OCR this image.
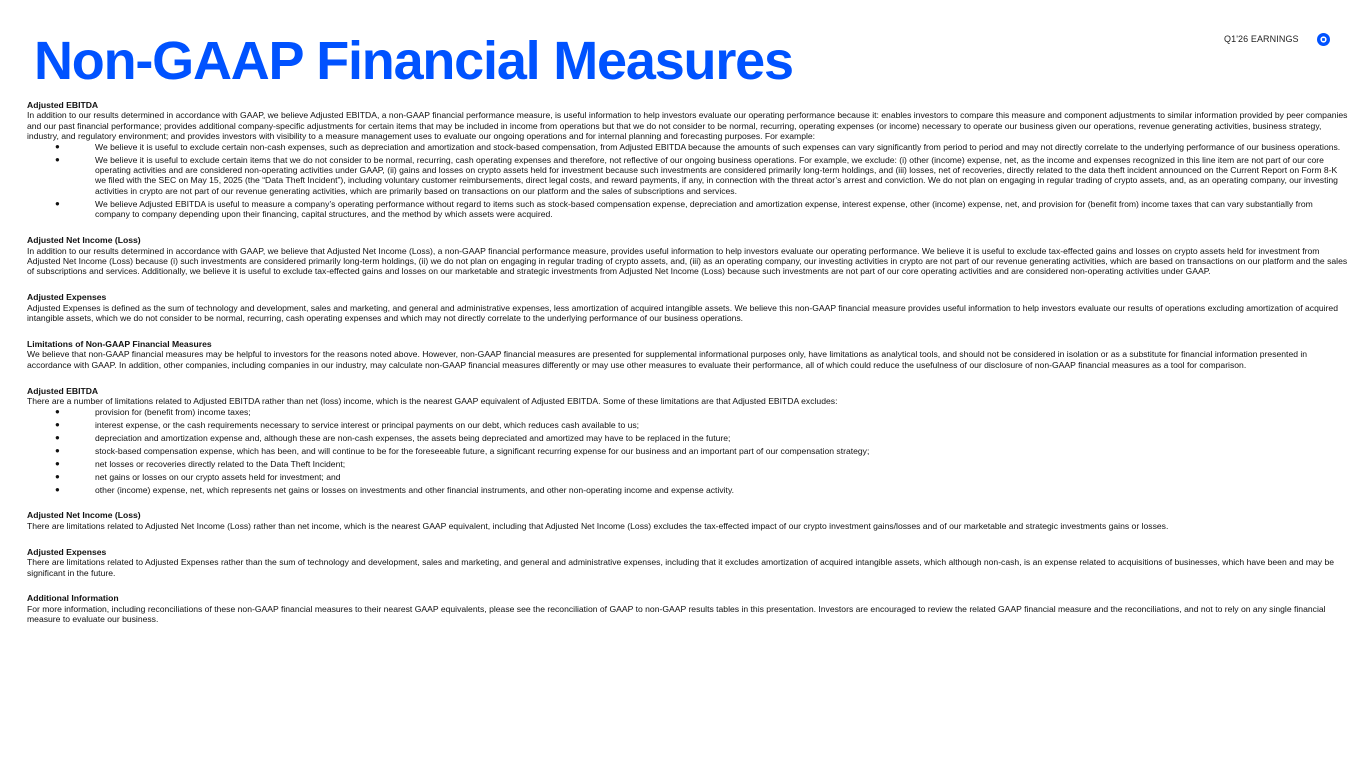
Non-GAAP Financial Measures	Q1'26 EARNINGS
Adjusted EBITDA

In addition to our results determined in accordance with GAAP, we believe Adjusted EBITDA, a non-GAAP financial performance measure, is useful information to help investors evaluate our operating performance because it: enables investors to compare this measure and component adjustments to similar information provided by peer companies and our past financial performance; provides additional company-specific adjustments for certain items that may be included in income from operations but that we do not consider to be normal, recurring, operating expenses (or income) necessary to operate our business given our operations, revenue generating activities, business strategy, industry, and regulatory environment; and provides investors with visibility to a measure management uses to evaluate our ongoing operations and for internal planning and forecasting purposes. For example:

●	We believe it is useful to exclude certain non-cash expenses, such as depreciation and amortization and stock-based compensation, from Adjusted EBITDA because the amounts of such expenses can vary significantly from period to period and may not directly correlate to the underlying performance of our business operations.
●	We believe it is useful to exclude certain items that we do not consider to be normal, recurring, cash operating expenses and therefore, not reflective of our ongoing business operations. For example, we exclude: (i) other (income) expense, net, as the income and expenses recognized in this line item are not part of our core operating activities and are considered non-operating activities under GAAP, (ii) gains and losses on crypto assets held for investment because such investments are considered primarily long-term holdings, and (iii) losses, net of recoveries, directly related to the data theft incident announced on the Current Report on Form 8-K we filed with the SEC on May 15, 2025 (the “Data Theft Incident”), including voluntary customer reimbursements, direct legal costs, and reward payments, if any, in connection with the threat actor’s arrest and conviction. We do not plan on engaging in regular trading of crypto assets, and, as an operating company, our investing activities in crypto are not part of our revenue generating activities, which are primarily based on transactions on our platform and the sales of subscriptions and services.
●	We believe Adjusted EBITDA is useful to measure a company’s operating performance without regard to items such as stock-based compensation expense, depreciation and amortization expense, interest expense, other (income) expense, net, and provision for (benefit from) income taxes that can vary substantially from company to company depending upon their financing, capital structures, and the method by which assets were acquired.
Adjusted Net Income (Loss)

In addition to our results determined in accordance with GAAP, we believe that Adjusted Net Income (Loss), a non-GAAP financial performance measure, provides useful information to help investors evaluate our operating performance. We believe it is useful to exclude tax-effected gains and losses on crypto assets held for investment from Adjusted Net Income (Loss) because (i) such investments are considered primarily long-term holdings, (ii) we do not plan on engaging in regular trading of crypto assets, and, (iii) as an operating company, our investing activities in crypto are not part of our revenue generating activities, which are based on transactions on our platform and the sales of subscriptions and services. Additionally, we believe it is useful to exclude tax-effected gains and losses on our marketable and strategic investments from Adjusted Net Income (Loss) because such investments are not part of our core operating activities and are considered non-operating activities under GAAP.

Adjusted Expenses

Adjusted Expenses is defined as the sum of technology and development, sales and marketing, and general and administrative expenses, less amortization of acquired intangible assets. We believe this non-GAAP financial measure provides useful information to help investors evaluate our results of operations excluding amortization of acquired intangible assets, which we do not consider to be normal, recurring, cash operating expenses and which may not directly correlate to the underlying performance of our business operations.

Limitations of Non-GAAP Financial Measures

We believe that non-GAAP financial measures may be helpful to investors for the reasons noted above. However, non-GAAP financial measures are presented for supplemental informational purposes only, have limitations as analytical tools, and should not be considered in isolation or as a substitute for financial information presented in accordance with GAAP. In addition, other companies, including companies in our industry, may calculate non-GAAP financial measures differently or may use other measures to evaluate their performance, all of which could reduce the usefulness of our disclosure of non-GAAP financial measures as a tool for comparison.

Adjusted EBITDA

There are a number of limitations related to Adjusted EBITDA rather than net (loss) income, which is the nearest GAAP equivalent of Adjusted EBITDA. Some of these limitations are that Adjusted EBITDA excludes:

●	provision for (benefit from) income taxes;
●	interest expense, or the cash requirements necessary to service interest or principal payments on our debt, which reduces cash available to us;
●	depreciation and amortization expense and, although these are non-cash expenses, the assets being depreciated and amortized may have to be replaced in the future;
●	stock-based compensation expense, which has been, and will continue to be for the foreseeable future, a significant recurring expense for our business and an important part of our compensation strategy;
●	net losses or recoveries directly related to the Data Theft Incident;
●	net gains or losses on our crypto assets held for investment; and
●	other (income) expense, net, which represents net gains or losses on investments and other financial instruments, and other non-operating income and expense activity.
Adjusted Net Income (Loss)

There are limitations related to Adjusted Net Income (Loss) rather than net income, which is the nearest GAAP equivalent, including that Adjusted Net Income (Loss) excludes the tax-effected impact of our crypto investment gains/losses and of our marketable and strategic investments gains or losses.

Adjusted Expenses

There are limitations related to Adjusted Expenses rather than the sum of technology and development, sales and marketing, and general and administrative expenses, including that it excludes amortization of acquired intangible assets, which although non-cash, is an expense related to acquisitions of businesses, which have been and may be significant in the future.

Additional Information

For more information, including reconciliations of these non-GAAP financial measures to their nearest GAAP equivalents, please see the reconciliation of GAAP to non-GAAP results tables in this presentation. Investors are encouraged to review the related GAAP financial measure and the reconciliations, and not to rely on any single financial measure to evaluate our business.
